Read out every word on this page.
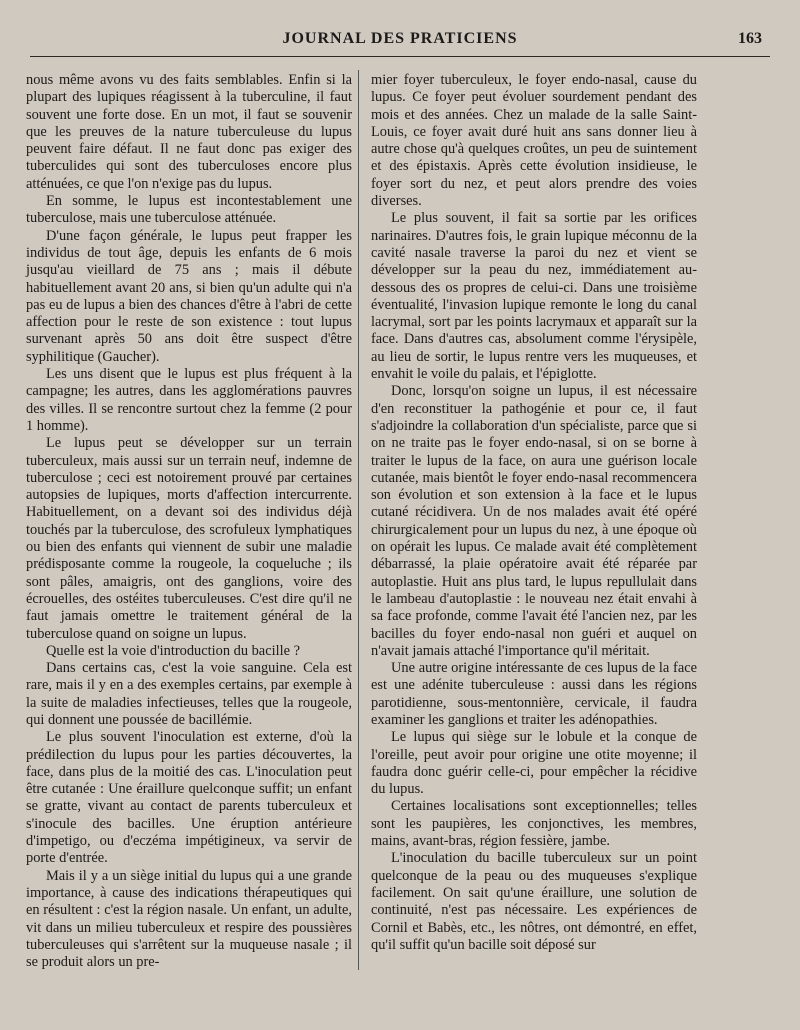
JOURNAL DES PRATICIENS	163

nous même avons vu des faits semblables. Enfin si la plupart des lupiques réagissent à la tuberculine, il faut souvent une forte dose. En un mot, il faut se souvenir que les preuves de la nature tuberculeuse du lupus peuvent faire défaut. Il ne faut donc pas exiger des tuberculides qui sont des tuberculoses encore plus atténuées, ce que l'on n'exige pas du lupus.

En somme, le lupus est incontestablement une tuberculose, mais une tuberculose atténuée.

D'une façon générale, le lupus peut frapper les individus de tout âge, depuis les enfants de 6 mois jusqu'au vieillard de 75 ans ; mais il débute habituellement avant 20 ans, si bien qu'un adulte qui n'a pas eu de lupus a bien des chances d'être à l'abri de cette affection pour le reste de son existence : tout lupus survenant après 50 ans doit être suspect d'être syphilitique (Gaucher).

Les uns disent que le lupus est plus fréquent à la campagne; les autres, dans les agglomérations pauvres des villes. Il se rencontre surtout chez la femme (2 pour 1 homme).

Le lupus peut se développer sur un terrain tuberculeux, mais aussi sur un terrain neuf, indemne de tuberculose ; ceci est notoirement prouvé par certaines autopsies de lupiques, morts d'affection intercurrente. Habituellement, on a devant soi des individus déjà touchés par la tuberculose, des scrofuleux lymphatiques ou bien des enfants qui viennent de subir une maladie prédisposante comme la rougeole, la coqueluche ; ils sont pâles, amaigris, ont des ganglions, voire des écrouelles, des ostéites tuberculeuses. C'est dire qu'il ne faut jamais omettre le traitement général de la tuberculose quand on soigne un lupus.

Quelle est la voie d'introduction du bacille ?

Dans certains cas, c'est la voie sanguine. Cela est rare, mais il y en a des exemples certains, par exemple à la suite de maladies infectieuses, telles que la rougeole, qui donnent une poussée de bacillémie.

Le plus souvent l'inoculation est externe, d'où la prédilection du lupus pour les parties découvertes, la face, dans plus de la moitié des cas. L'inoculation peut être cutanée : Une éraillure quelconque suffit; un enfant se gratte, vivant au contact de parents tuberculeux et s'inocule des bacilles. Une éruption antérieure d'impetigo, ou d'eczéma impétigineux, va servir de porte d'entrée.

Mais il y a un siège initial du lupus qui a une grande importance, à cause des indications thérapeutiques qui en résultent : c'est la région nasale. Un enfant, un adulte, vit dans un milieu tuberculeux et respire des poussières tuberculeuses qui s'arrêtent sur la muqueuse nasale ; il se produit alors un pre-

mier foyer tuberculeux, le foyer endo-nasal, cause du lupus. Ce foyer peut évoluer sourdement pendant des mois et des années. Chez un malade de la salle Saint-Louis, ce foyer avait duré huit ans sans donner lieu à autre chose qu'à quelques croûtes, un peu de suintement et des épistaxis. Après cette évolution insidieuse, le foyer sort du nez, et peut alors prendre des voies diverses.

Le plus souvent, il fait sa sortie par les orifices narinaires. D'autres fois, le grain lupique méconnu de la cavité nasale traverse la paroi du nez et vient se développer sur la peau du nez, immédiatement au-dessous des os propres de celui-ci. Dans une troisième éventualité, l'invasion lupique remonte le long du canal lacrymal, sort par les points lacrymaux et apparaît sur la face. Dans d'autres cas, absolument comme l'érysipèle, au lieu de sortir, le lupus rentre vers les muqueuses, et envahit le voile du palais, et l'épiglotte.

Donc, lorsqu'on soigne un lupus, il est nécessaire d'en reconstituer la pathogénie et pour ce, il faut s'adjoindre la collaboration d'un spécialiste, parce que si on ne traite pas le foyer endo-nasal, si on se borne à traiter le lupus de la face, on aura une guérison locale cutanée, mais bientôt le foyer endo-nasal recommencera son évolution et son extension à la face et le lupus cutané récidivera. Un de nos malades avait été opéré chirurgicalement pour un lupus du nez, à une époque où on opérait les lupus. Ce malade avait été complètement débarrassé, la plaie opératoire avait été réparée par autoplastie. Huit ans plus tard, le lupus repullulait dans le lambeau d'autoplastie : le nouveau nez était envahi à sa face profonde, comme l'avait été l'ancien nez, par les bacilles du foyer endo-nasal non guéri et auquel on n'avait jamais attaché l'importance qu'il méritait.

Une autre origine intéressante de ces lupus de la face est une adénite tuberculeuse : aussi dans les régions parotidienne, sous-mentonnière, cervicale, il faudra examiner les ganglions et traiter les adénopathies.

Le lupus qui siège sur le lobule et la conque de l'oreille, peut avoir pour origine une otite moyenne; il faudra donc guérir celle-ci, pour empêcher la récidive du lupus.

Certaines localisations sont exceptionnelles; telles sont les paupières, les conjonctives, les membres, mains, avant-bras, région fessière, jambe.

L'inoculation du bacille tuberculeux sur un point quelconque de la peau ou des muqueuses s'explique facilement. On sait qu'une éraillure, une solution de continuité, n'est pas nécessaire. Les expériences de Cornil et Babès, etc., les nôtres, ont démontré, en effet, qu'il suffit qu'un bacille soit déposé sur
